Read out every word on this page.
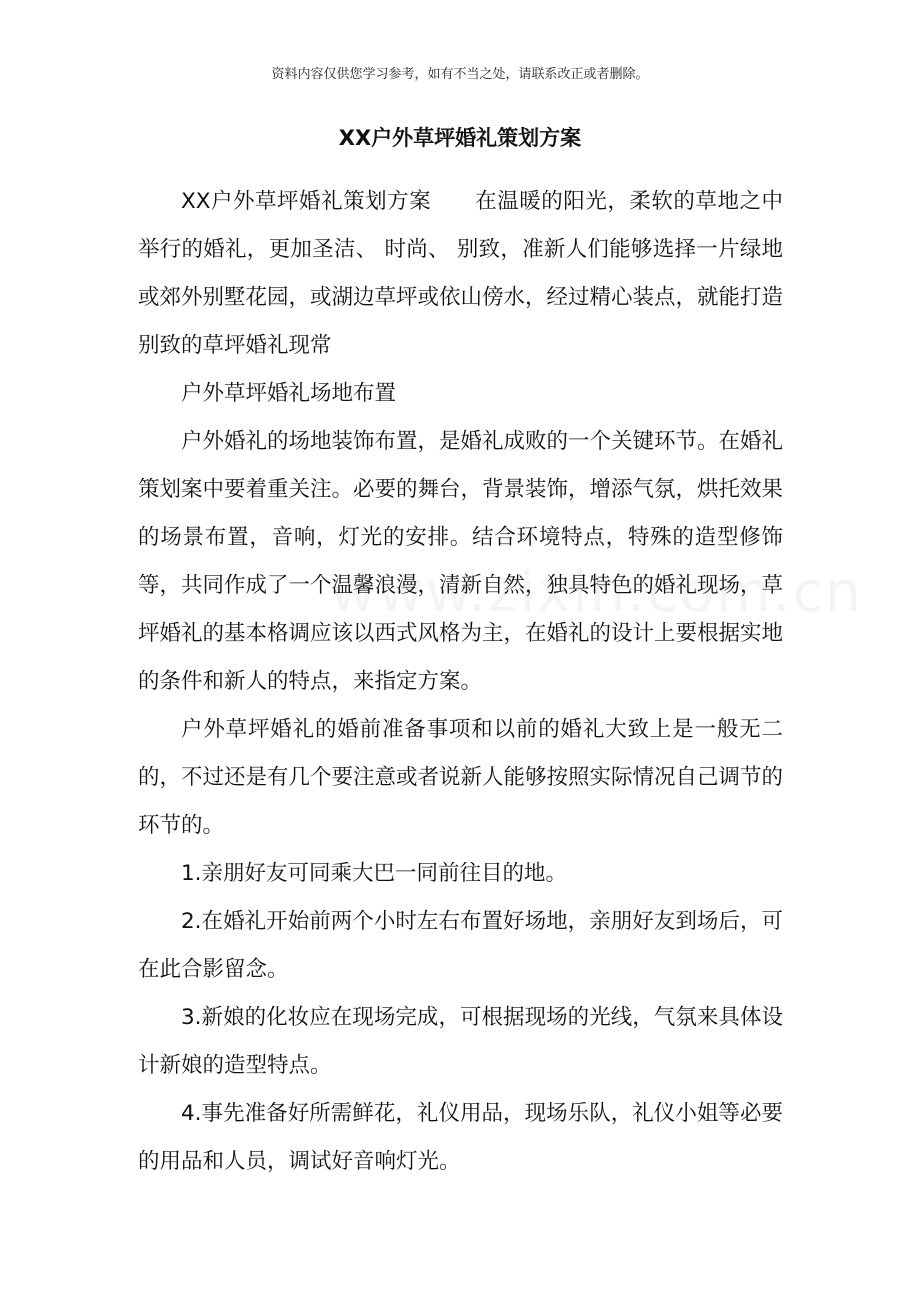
资料内容仅供您学习参考，如有不当之处，请联系改正或者删除。
XX户外草坪婚礼策划方案

XX户外草坪婚礼策划方案　　在温暖的阳光，柔软的草地之中举行的婚礼，更加圣洁、 时尚、 别致，准新人们能够选择一片绿地或郊外别墅花园，或湖边草坪或依山傍水，经过精心装点，就能打造别致的草坪婚礼现常

户外草坪婚礼场地布置

户外婚礼的场地装饰布置，是婚礼成败的一个关键环节。在婚礼策划案中要着重关注。必要的舞台，背景装饰，增添气氛，烘托效果的场景布置，音响，灯光的安排。结合环境特点，特殊的造型修饰等，共同作成了一个温馨浪漫，清新自然，独具特色的婚礼现场，草坪婚礼的基本格调应该以西式风格为主，在婚礼的设计上要根据实地的条件和新人的特点，来指定方案。

户外草坪婚礼的婚前准备事项和以前的婚礼大致上是一般无二的，不过还是有几个要注意或者说新人能够按照实际情况自己调节的环节的。

1.亲朋好友可同乘大巴一同前往目的地。

2.在婚礼开始前两个小时左右布置好场地，亲朋好友到场后，可在此合影留念。

3.新娘的化妆应在现场完成，可根据现场的光线，气氛来具体设计新娘的造型特点。

4.事先准备好所需鲜花，礼仪用品，现场乐队，礼仪小姐等必要的用品和人员，调试好音响灯光。
